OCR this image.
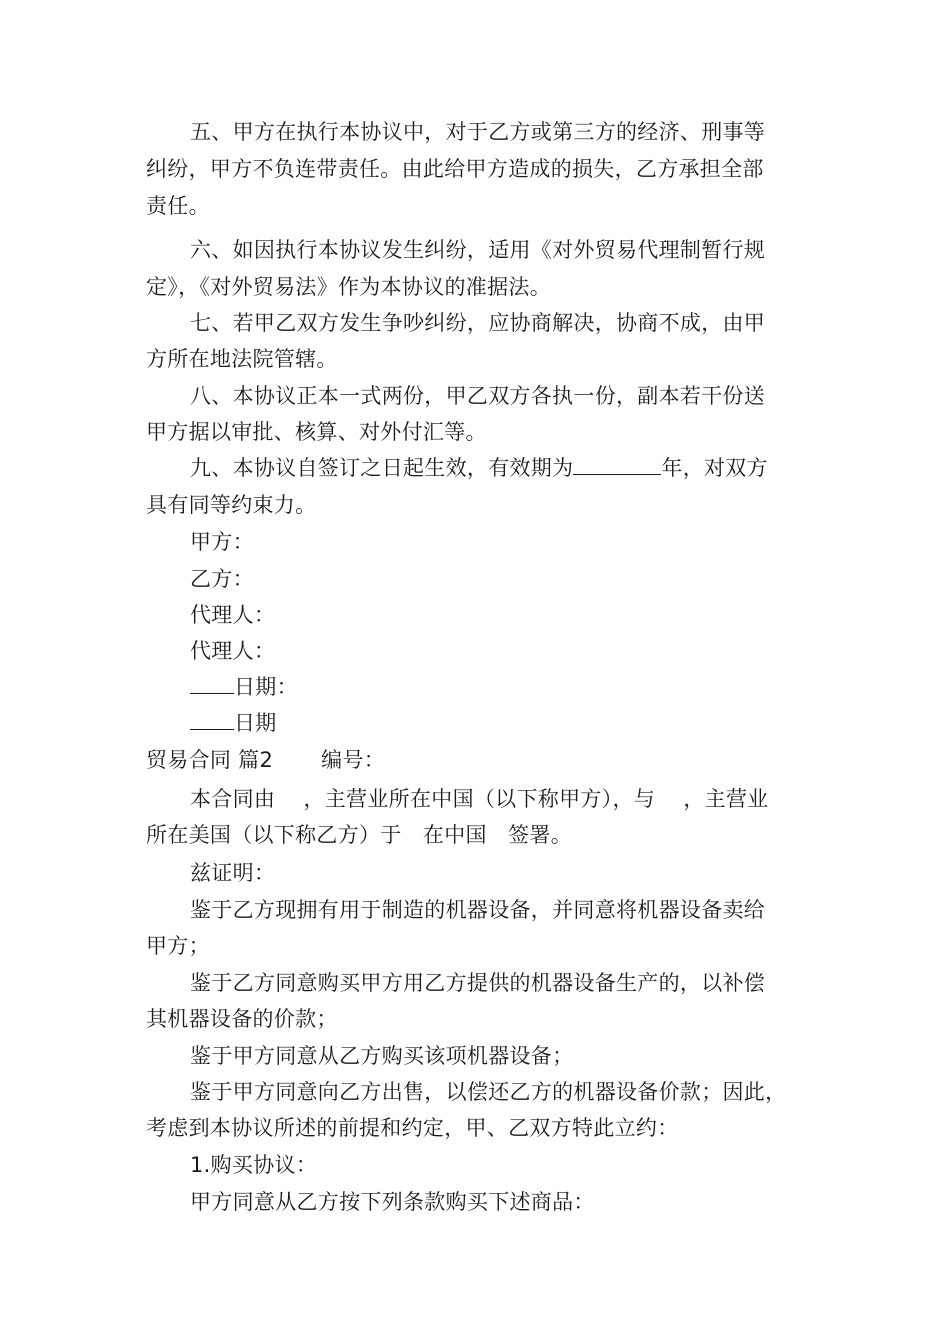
五、甲方在执行本协议中，对于乙方或第三方的经济、刑事等
纠纷，甲方不负连带责任。由此给甲方造成的损失，乙方承担全部
责任。
六、如因执行本协议发生纠纷，适用《对外贸易代理制暂行规
定》，《对外贸易法》作为本协议的准据法。
七、若甲乙双方发生争吵纠纷，应协商解决，协商不成，由甲
方所在地法院管辖。
八、本协议正本一式两份，甲乙双方各执一份，副本若干份送
甲方据以审批、核算、对外付汇等。
九、本协议自签订之日起生效，有效期为	年，对双方
具有同等约束力。
甲方：
乙方：
代理人：
代理人：
日期：
日期
贸易合同 篇2 编号：
本合同由　 ，主营业所在中国（以下称甲方），与　 ，主营业
所在美国（以下称乙方）于　在中国　签署。
兹证明：
鉴于乙方现拥有用于制造的机器设备，并同意将机器设备卖给
甲方；
鉴于乙方同意购买甲方用乙方提供的机器设备生产的，以补偿
其机器设备的价款；
鉴于甲方同意从乙方购买该项机器设备；
鉴于甲方同意向乙方出售，以偿还乙方的机器设备价款；因此，
考虑到本协议所述的前提和约定，甲、乙双方特此立约：
1.购买协议：
甲方同意从乙方按下列条款购买下述商品：
